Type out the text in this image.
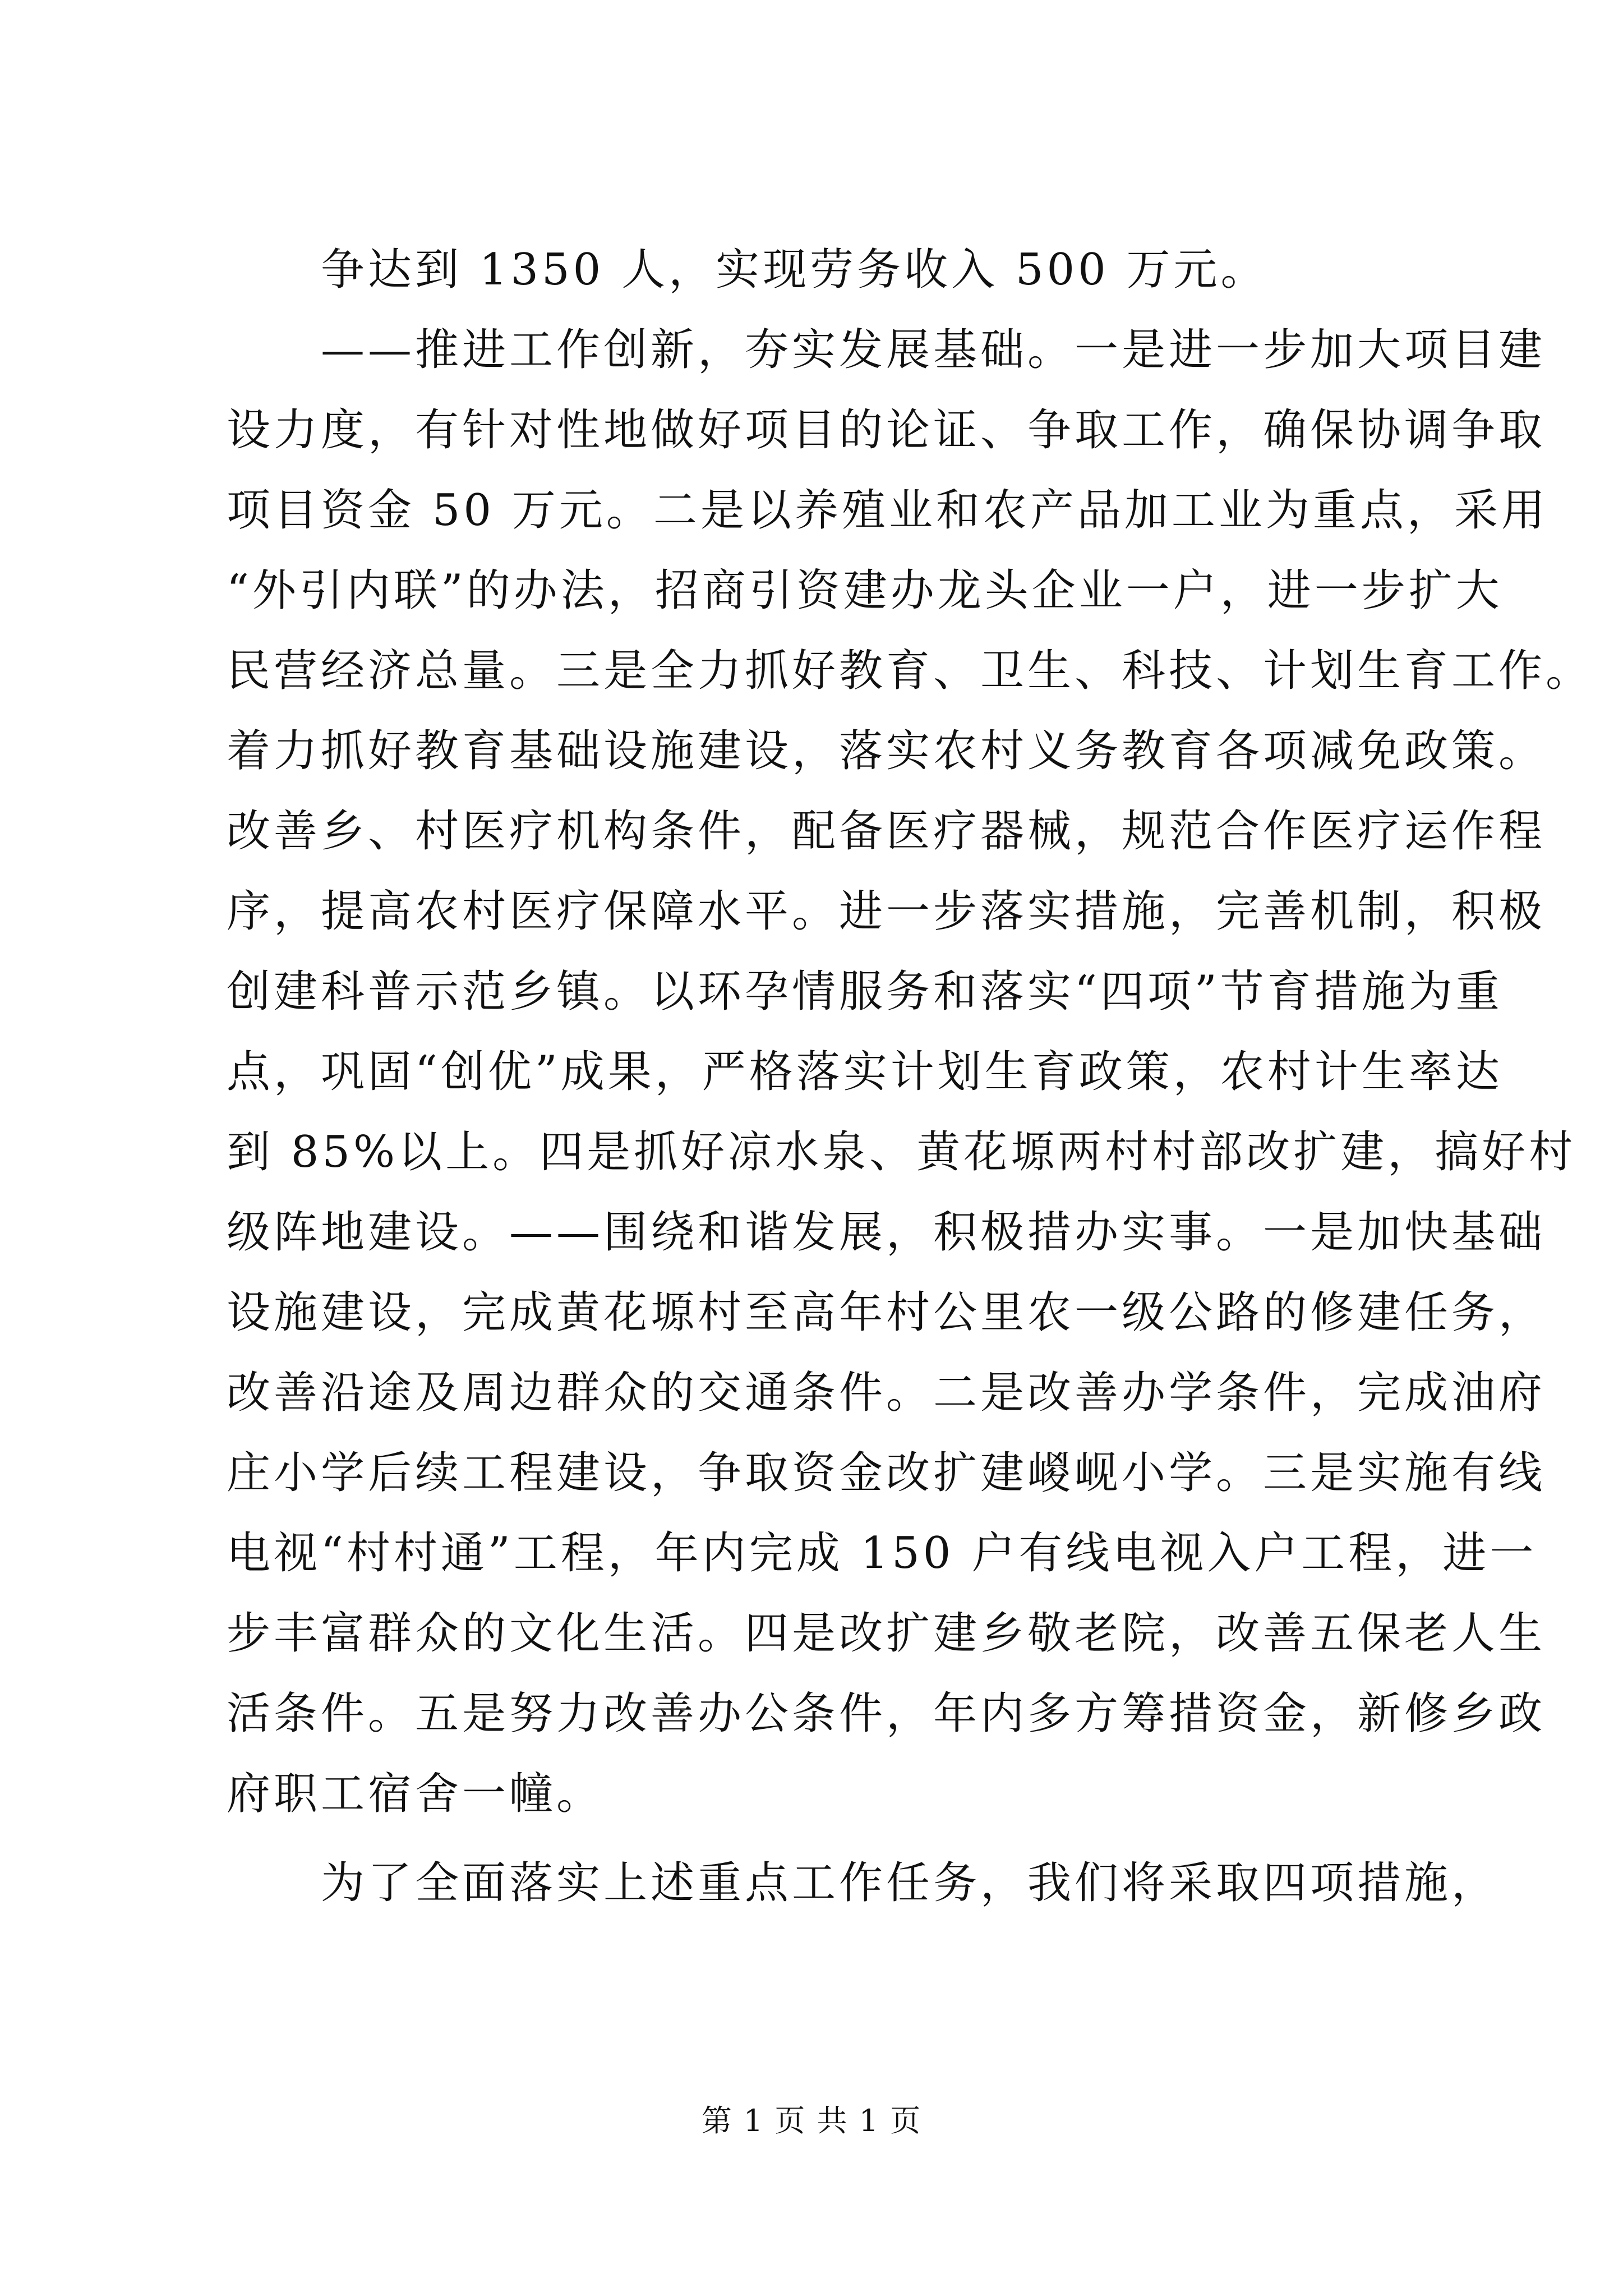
争达到 1350 人，实现劳务收入 500 万元。
——推进工作创新，夯实发展基础。一是进一步加大项目建
设力度，有针对性地做好项目的论证、争取工作，确保协调争取
项目资金 50 万元。二是以养殖业和农产品加工业为重点，采用
“外引内联”的办法，招商引资建办龙头企业一户，进一步扩大
民营经济总量。三是全力抓好教育、卫生、科技、计划生育工作。
着力抓好教育基础设施建设，落实农村义务教育各项减免政策。
改善乡、村医疗机构条件，配备医疗器械，规范合作医疗运作程
序，提高农村医疗保障水平。进一步落实措施，完善机制，积极
创建科普示范乡镇。以环孕情服务和落实“四项”节育措施为重
点，巩固“创优”成果，严格落实计划生育政策，农村计生率达
到 85%以上。四是抓好凉水泉、黄花塬两村村部改扩建，搞好村
级阵地建设。——围绕和谐发展，积极措办实事。一是加快基础
设施建设，完成黄花塬村至高年村公里农一级公路的修建任务，
改善沿途及周边群众的交通条件。二是改善办学条件，完成油府
庄小学后续工程建设，争取资金改扩建嵕岘小学。三是实施有线
电视“村村通”工程，年内完成 150 户有线电视入户工程，进一
步丰富群众的文化生活。四是改扩建乡敬老院，改善五保老人生
活条件。五是努力改善办公条件，年内多方筹措资金，新修乡政
府职工宿舍一幢。
为了全面落实上述重点工作任务，我们将采取四项措施，
第 1 页 共 1 页
